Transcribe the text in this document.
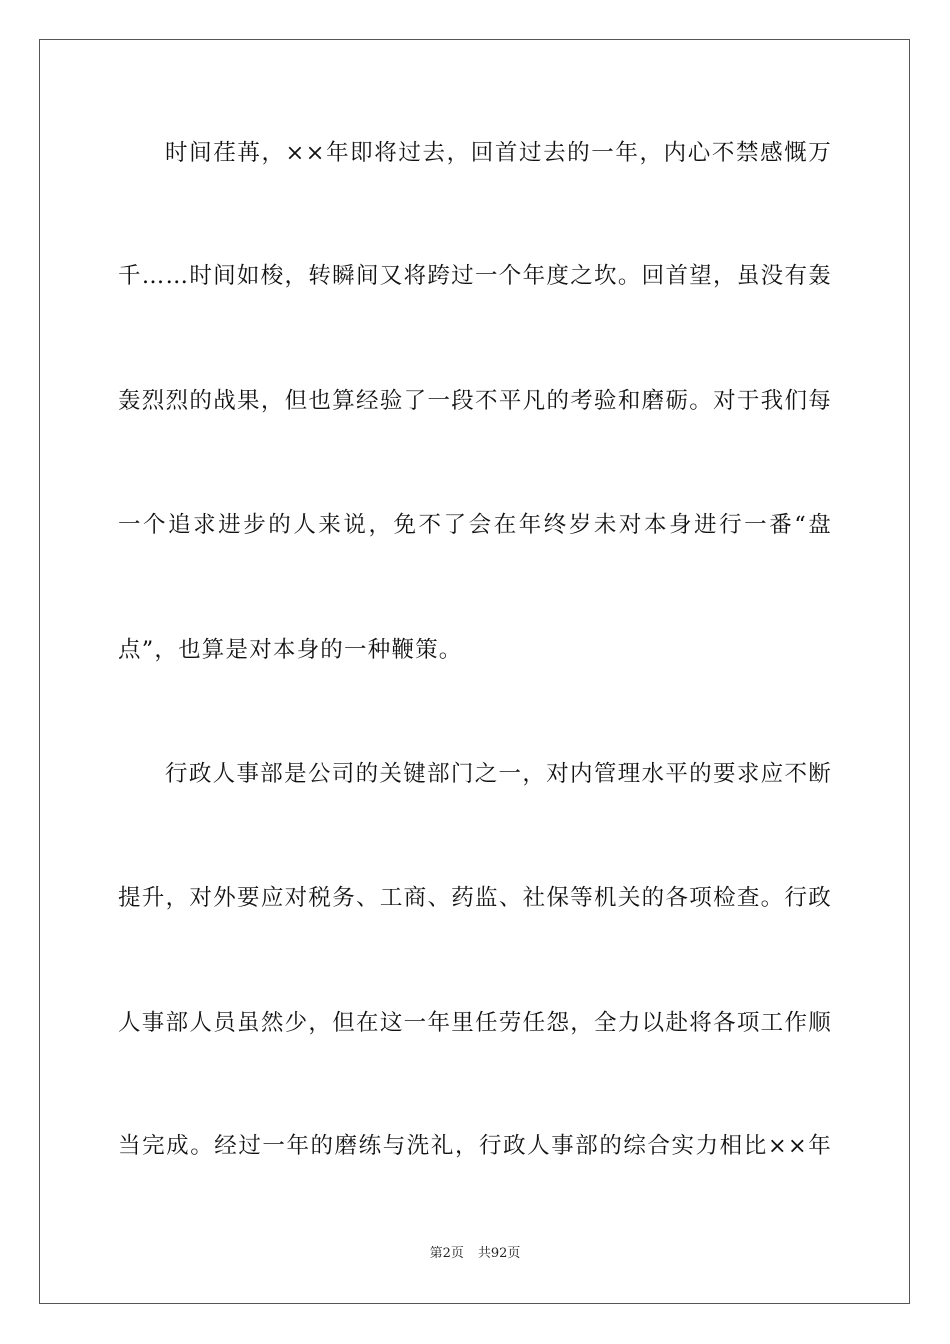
时间荏苒，××年即将过去，回首过去的一年，内心不禁感慨万
千……时间如梭，转瞬间又将跨过一个年度之坎。回首望，虽没有轰
轰烈烈的战果，但也算经验了一段不平凡的考验和磨砺。对于我们每
一个追求进步的人来说，免不了会在年终岁未对本身进行一番“盘
点”，也算是对本身的一种鞭策。
行政人事部是公司的关键部门之一，对内管理水平的要求应不断
提升，对外要应对税务、工商、药监、社保等机关的各项检查。行政
人事部人员虽然少，但在这一年里任劳任怨，全力以赴将各项工作顺
当完成。经过一年的磨练与洗礼，行政人事部的综合实力相比××年
第2页 共92页
